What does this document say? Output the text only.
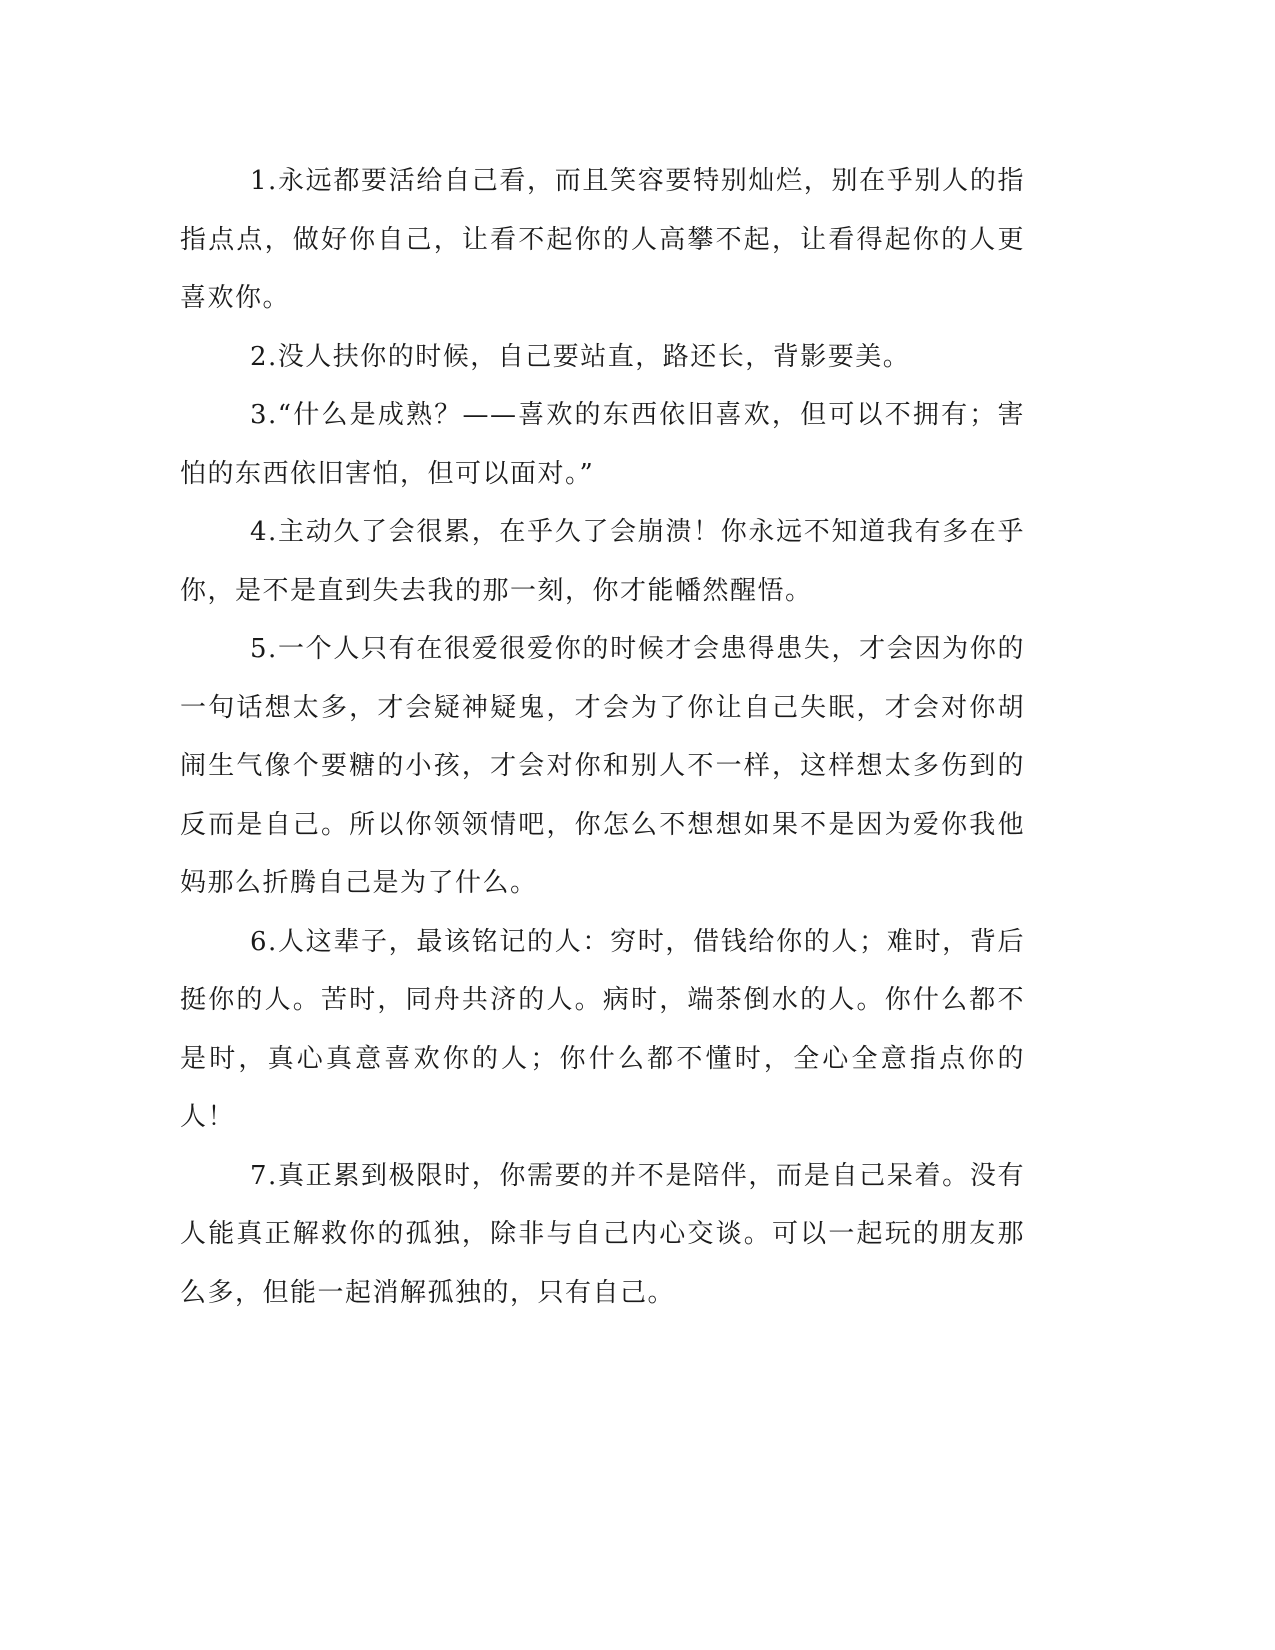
1.永远都要活给自己看，而且笑容要特别灿烂，别在乎别人的指指点点，做好你自己，让看不起你的人高攀不起，让看得起你的人更喜欢你。

2.没人扶你的时候，自己要站直，路还长，背影要美。

3.“什么是成熟？——喜欢的东西依旧喜欢，但可以不拥有；害怕的东西依旧害怕，但可以面对。”

4.主动久了会很累，在乎久了会崩溃！你永远不知道我有多在乎你，是不是直到失去我的那一刻，你才能幡然醒悟。

5.一个人只有在很爱很爱你的时候才会患得患失，才会因为你的一句话想太多，才会疑神疑鬼，才会为了你让自己失眠，才会对你胡闹生气像个要糖的小孩，才会对你和别人不一样，这样想太多伤到的反而是自己。所以你领领情吧，你怎么不想想如果不是因为爱你我他妈那么折腾自己是为了什么。

6.人这辈子，最该铭记的人：穷时，借钱给你的人；难时，背后挺你的人。苦时，同舟共济的人。病时，端茶倒水的人。你什么都不是时，真心真意喜欢你的人；你什么都不懂时，全心全意指点你的人！

7.真正累到极限时，你需要的并不是陪伴，而是自己呆着。没有人能真正解救你的孤独，除非与自己内心交谈。可以一起玩的朋友那么多，但能一起消解孤独的，只有自己。
